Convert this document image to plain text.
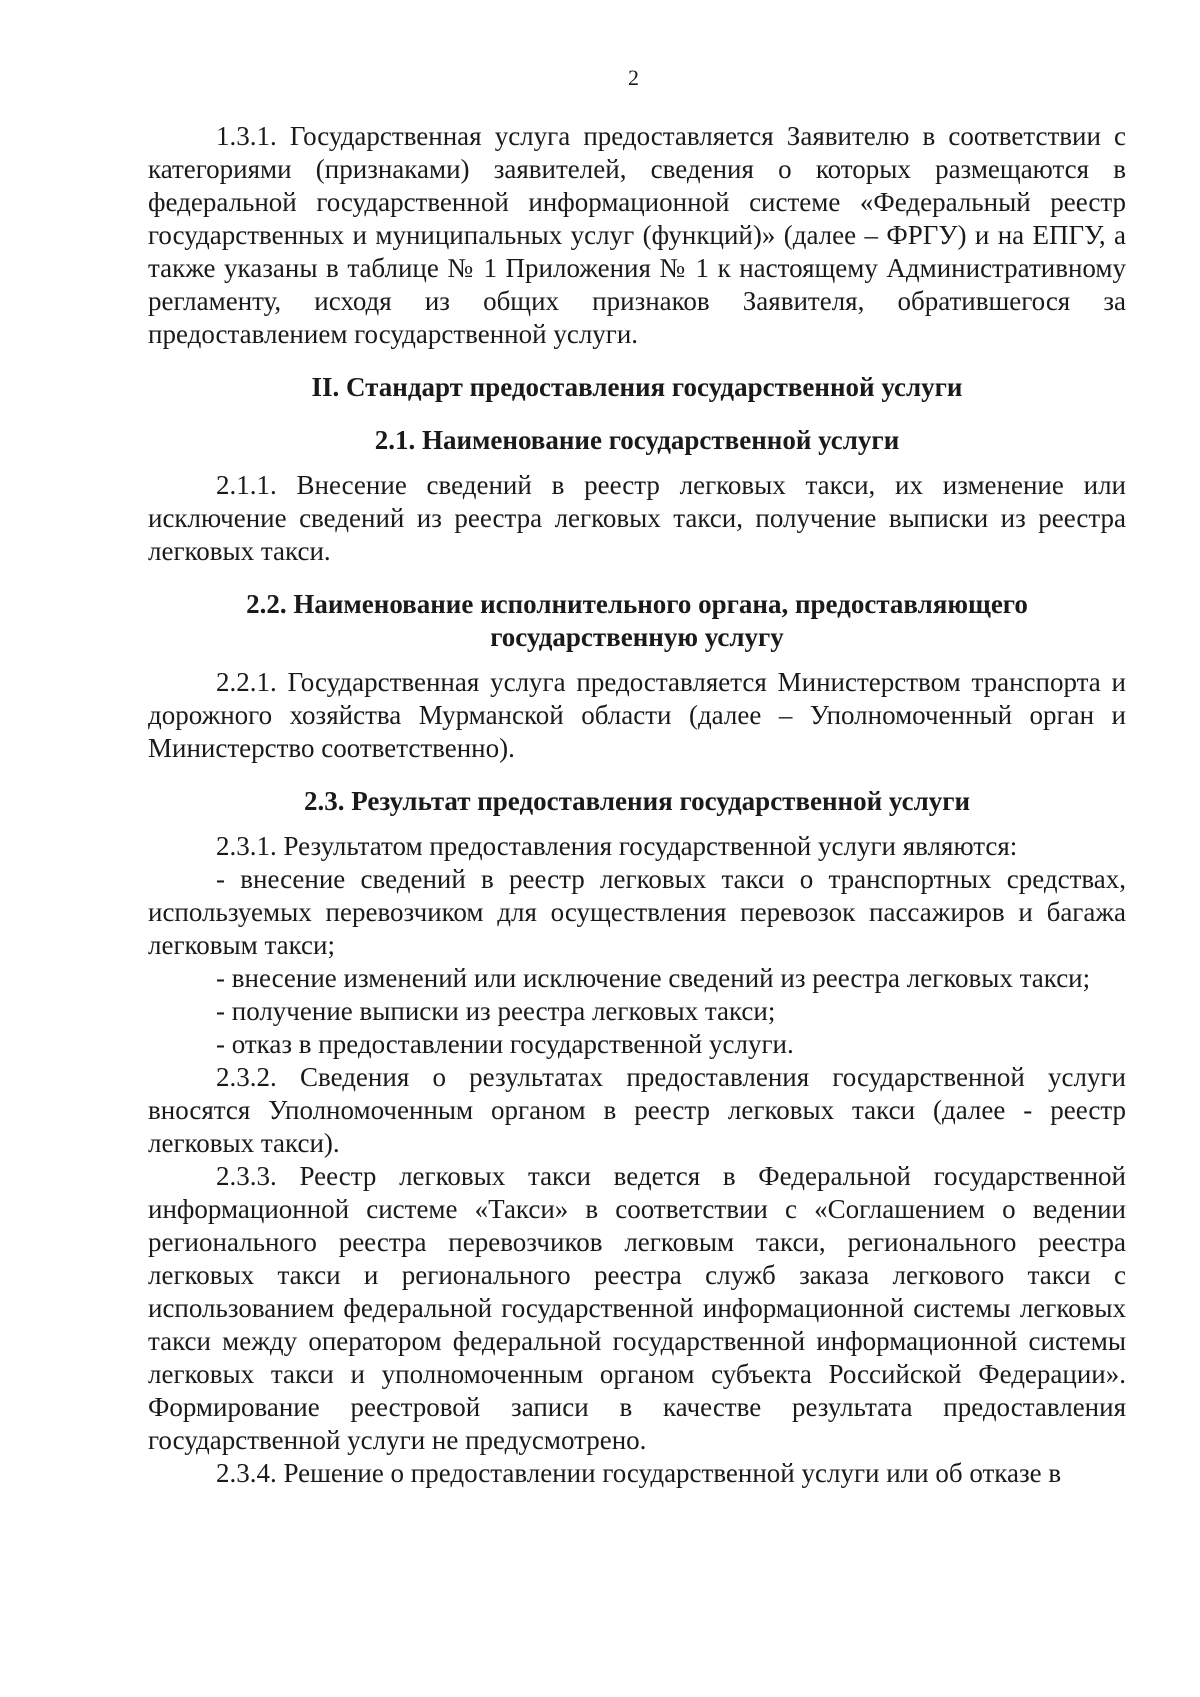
2

1.3.1. Государственная услуга предоставляется Заявителю в соответствии с категориями (признаками) заявителей, сведения о которых размещаются в федеральной государственной информационной системе «Федеральный реестр государственных и муниципальных услуг (функций)» (далее – ФРГУ) и на ЕПГУ, а также указаны в таблице № 1 Приложения № 1 к настоящему Административному регламенту, исходя из общих признаков Заявителя, обратившегося за предоставлением государственной услуги.

II. Стандарт предоставления государственной услуги
2.1. Наименование государственной услуги

2.1.1. Внесение сведений в реестр легковых такси, их изменение или исключение сведений из реестра легковых такси, получение выписки из реестра легковых такси.

2.2. Наименование исполнительного органа, предоставляющего
государственную услугу

2.2.1. Государственная услуга предоставляется Министерством транспорта и дорожного хозяйства Мурманской области (далее – Уполномоченный орган и Министерство соответственно).

2.3. Результат предоставления государственной услуги

2.3.1. Результатом предоставления государственной услуги являются:

- внесение сведений в реестр легковых такси о транспортных средствах, используемых перевозчиком для осуществления перевозок пассажиров и багажа легковым такси;

- внесение изменений или исключение сведений из реестра легковых такси;

- получение выписки из реестра легковых такси;

- отказ в предоставлении государственной услуги.

2.3.2. Сведения о результатах предоставления государственной услуги вносятся Уполномоченным органом в реестр легковых такси (далее - реестр легковых такси).

2.3.3. Реестр легковых такси ведется в Федеральной государственной информационной системе «Такси» в соответствии с «Соглашением о ведении регионального реестра перевозчиков легковым такси, регионального реестра легковых такси и регионального реестра служб заказа легкового такси с использованием федеральной государственной информационной системы легковых такси между оператором федеральной государственной информационной системы легковых такси и уполномоченным органом субъекта Российской Федерации». Формирование реестровой записи в качестве результата предоставления государственной услуги не предусмотрено.

2.3.4. Решение о предоставлении государственной услуги или об отказе в
